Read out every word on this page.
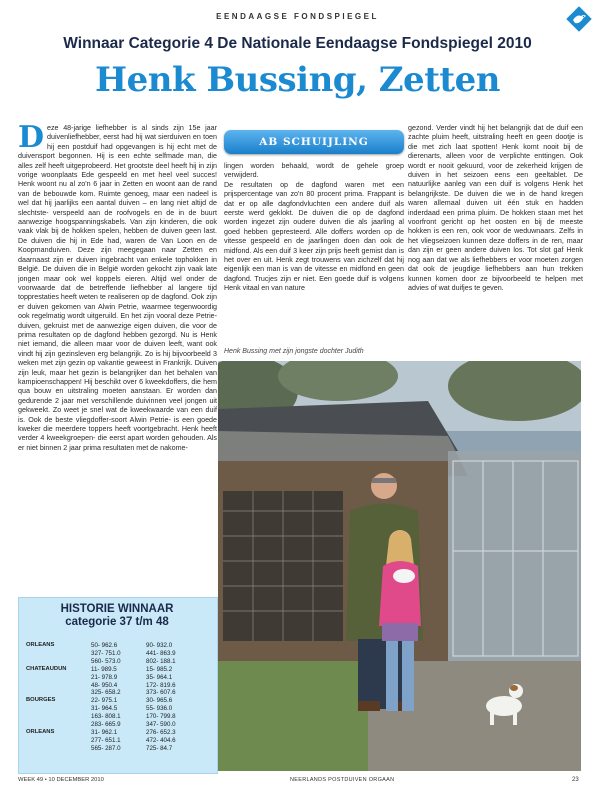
EENDAAGSE FONDSPIEGEL
Winnaar Categorie 4 De Nationale Eendaagse Fondspiegel 2010
Henk Bussing, Zetten
D eze 48-jarige liefhebber is al sinds zijn 15e jaar duivenliefhebber, eerst had hij wat sierduiven en toen hij een postduif had opgevangen is hij echt met de duivensport begonnen. Hij is een echte selfmade man, die alles zelf heeft uitgeprobeerd. Het grootste deel heeft hij in zijn vorige woonplaats Ede gespeeld en met heel veel succes! Henk woont nu al zo'n 6 jaar in Zetten en woont aan de rand van de bebouwde kom. Ruimte genoeg, maar een nadeel is wel dat hij jaarlijks een aantal duiven – en lang niet altijd de slechtste- verspeeld aan de roofvogels en de in de buurt aanwezige hoogspanningskabels. Van zijn kinderen, die ook vaak vlak bij de hokken spelen, hebben de duiven geen last. De duiven die hij in Ede had, waren de Van Loon en de Koopmanduiven. Deze zijn meegegaan naar Zetten en daarnaast zijn er duiven ingebracht van enkele tophokken in België. De duiven die in België worden gekocht zijn vaak late jongen maar ook wel koppels eieren. Altijd wel onder de voorwaarde dat de betreffende liefhebber al langere tijd topprestaties heeft weten te realiseren op de dagfond. Ook zijn er duiven gekomen van Alwin Petrie, waarmee tegenwoordig ook regelmatig wordt uitgeruild. En het zijn vooral deze Petrie-duiven, gekruist met de aanwezige eigen duiven, die voor de prima resultaten op de dagfond hebben gezorgd. Nu is Henk niet iemand, die alleen maar voor de duiven leeft, want ook vindt hij zijn gezinsleven erg belangrijk. Zo is hij bijvoorbeeld 3 weken met zijn gezin op vakantie geweest in Frankrijk. Duiven zijn leuk, maar het gezin is belangrijker dan het behalen van kampioenschappen! Hij beschikt over 6 kweekdoffers, die hem qua bouw en uitstraling moeten aanstaan. Er worden dan gedurende 2 jaar met verschillende duivinnen veel jongen uit gekweekt. Zo weet je snel wat de kweekwaarde van een duif is. Ook de beste vliegdoffer-soort Alwin Petrie- is een goede kweker die meerdere toppers heeft voortgebracht. Henk heeft verder 4 kweekgroepen- die eerst apart worden gehouden. Als er niet binnen 2 jaar prima resultaten met de nakome-

AB SCHUIJLING

lingen worden behaald, wordt de gehele groep verwijderd.

De resultaten op de dagfond waren met een prijspercentage van zo'n 80 procent prima. Frappant is dat er op alle dagfondvluchten een andere duif als eerste werd geklokt. De duiven die op de dagfond worden ingezet zijn oudere duiven die als jaarling al goed hebben gepresteerd. Alle doffers worden op de vitesse gespeeld en de jaarlingen doen dan ook de midfond. Als een duif 3 keer zijn prijs heeft gemist dan is het over en uit. Henk zegt trouwens van zichzelf dat hij eigenlijk een man is van de vitesse en midfond en geen dagfond. Trucjes zijn er niet. Een goede duif is volgens Henk vitaal en van nature

gezond. Verder vindt hij het belangrijk dat de duif een zachte pluim heeft, uitstraling heeft en geen dootje is die met zich laat spotten! Henk komt nooit bij de dierenarts, alleen voor de verplichte enttingen. Ook wordt er nooit gekuurd, voor de zekerheid krijgen de duiven in het seizoen eens een geeltablet. De natuurlijke aanleg van een duif is volgens Henk het belangrijkste. De duiven die we in de hand kregen waren allemaal duiven uit één stuk en hadden inderdaad een prima pluim. De hokken staan met het voorfront gericht op het oosten en bij de meeste hokken is een ren, ook voor de weduwnaars. Zelfs in het vliegseizoen kunnen deze doffers in de ren, maar dan zijn er geen andere duiven los. Tot slot gaf Henk nog aan dat we als liefhebbers er voor moeten zorgen dat ook de jeugdige liefhebbers aan hun trekken kunnen komen door ze bijvoorbeeld te helpen met advies of wat duifjes te geven.

Henk Bussing met zijn jongste dochter Judith
HISTORIE WINNAAR
categorie 37 t/m 48
ORLEANS	50- 962.6	90- 932.0
	327- 751.0	441- 863.9
	560- 573.0	802- 188.1
CHATEAUDUN	11- 989.5	15- 985.2
	21- 978.9	35- 964.1
	48- 950.4	172- 819.6
	325- 658.2	373- 607.6
BOURGES	22- 975.1	30- 965.6
	31- 964.5	55- 936.0
	163- 808.1	170- 799.8
	283- 665.9	347- 590.0
ORLEANS	31- 962.1	276- 652.3
	277- 651.1	472- 404.6
	565- 287.0	725- 84.7
WEEK 49 • 10 DECEMBER 2010	NEERLANDS POSTDUIVEN ORGAAN	23
